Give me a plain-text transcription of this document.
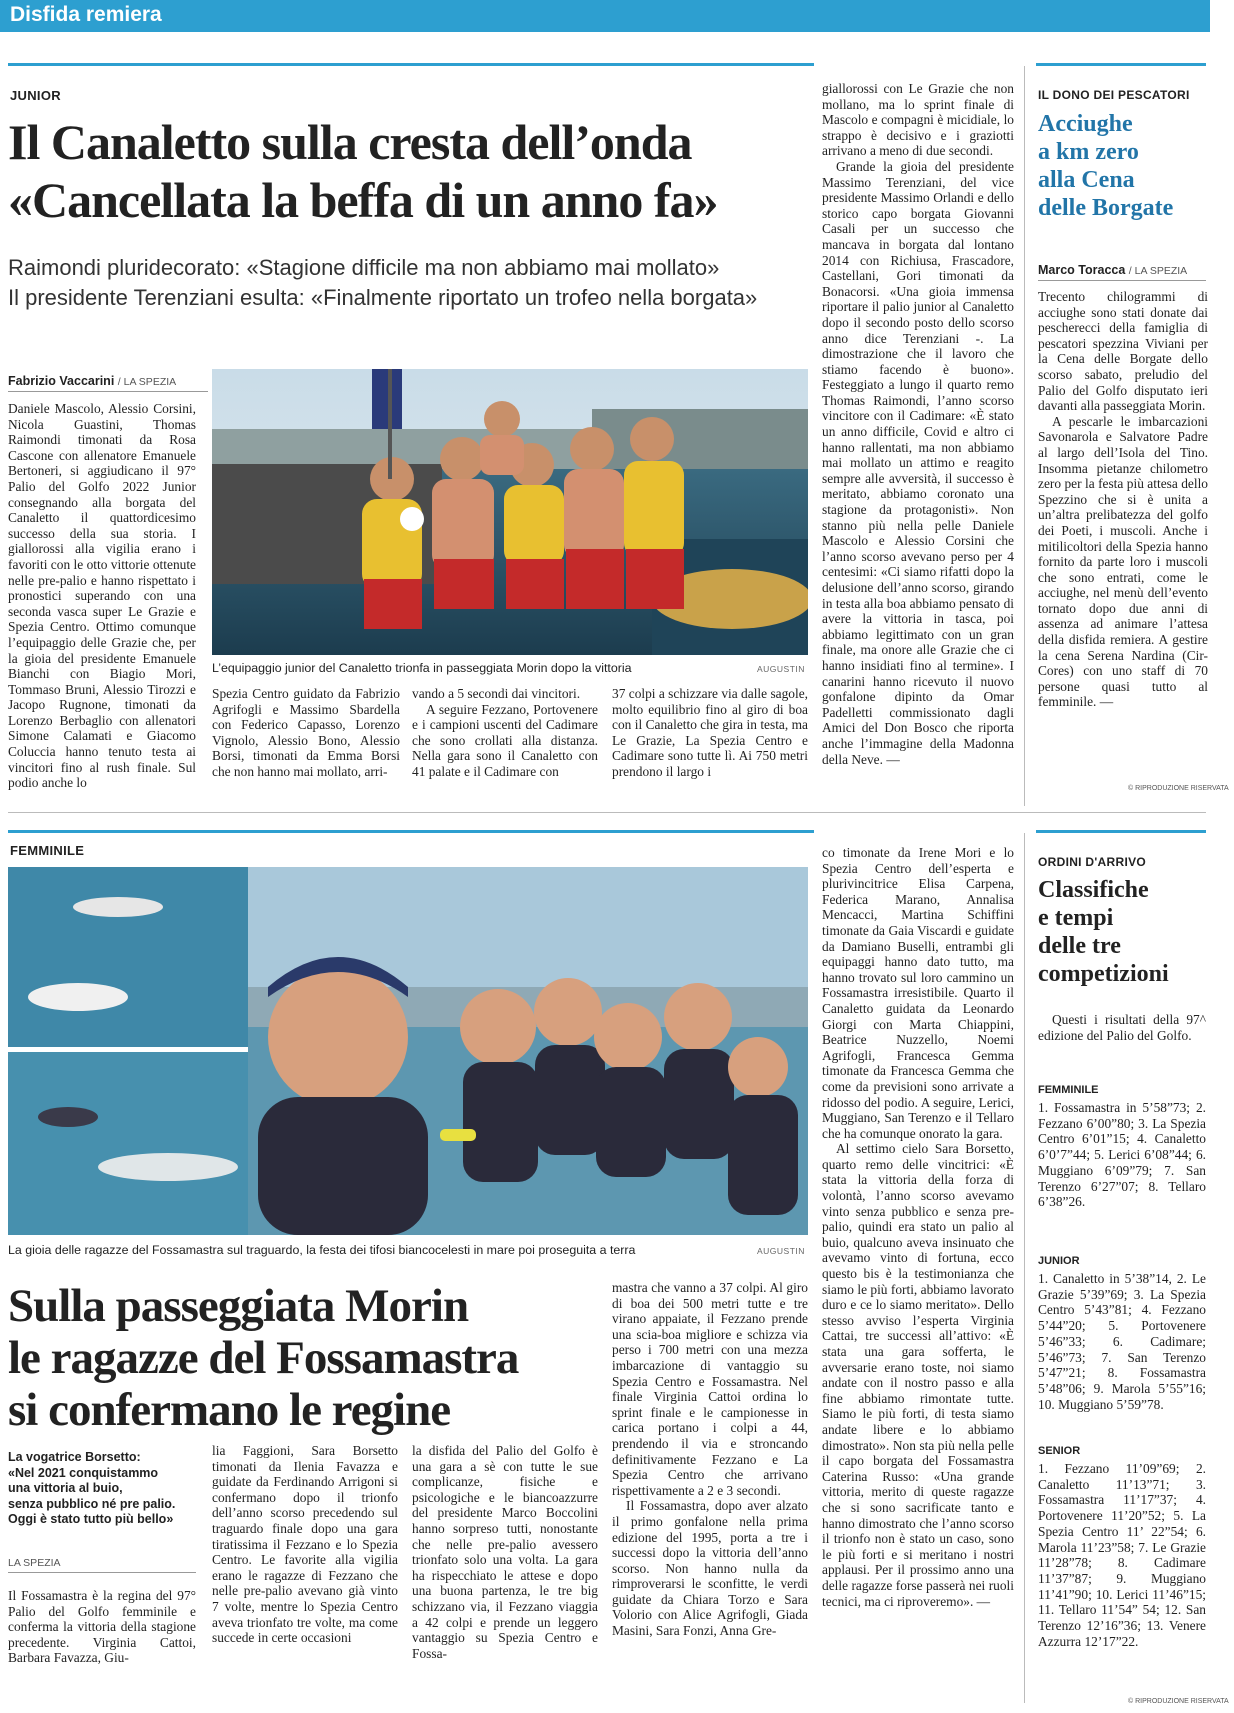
Disfida remiera
JUNIOR
Il Canaletto sulla cresta dell’onda
«Cancellata la beffa di un anno fa»
Raimondi pluridecorato: «Stagione difficile ma non abbiamo mai mollato»
Il presidente Terenziani esulta: «Finalmente riportato un trofeo nella borgata»
Fabrizio Vaccarini / LA SPEZIA

Daniele Mascolo, Alessio Corsini, Nicola Guastini, Thomas Raimondi timonati da Rosa Cascone con allenatore Emanuele Bertoneri, si aggiudicano il 97° Palio del Golfo 2022 Junior consegnando alla borgata del Canaletto il quattordicesimo successo della sua storia. I giallorossi alla vigilia erano i favoriti con le otto vittorie ottenute nelle pre-palio e hanno rispettato i pronostici superando con una seconda vasca super Le Grazie e Spezia Centro. Ottimo comunque l’equipaggio delle Grazie che, per la gioia del presidente Emanuele Bianchi con Biagio Mori, Tommaso Bruni, Alessio Tirozzi e Jacopo Rugnone, timonati da Lorenzo Berbaglio con allenatori Simone Calamati e Giacomo Coluccia hanno tenuto testa ai vincitori fino al rush finale. Sul podio anche lo

L’equipaggio junior del Canaletto trionfa in passeggiata Morin dopo la vittoria	AUGUSTIN

Spezia Centro guidato da Fabrizio Agrifogli e Massimo Sbardella con Federico Capasso, Lorenzo Vignolo, Alessio Bono, Alessio Borsi, timonati da Emma Borsi che non hanno mai mollato, arri-

vando a 5 secondi dai vincitori.

A seguire Fezzano, Portovenere e i campioni uscenti del Cadimare che sono crollati alla distanza. Nella gara sono il Canaletto con 41 palate e il Cadimare con

37 colpi a schizzare via dalle sagole, molto equilibrio fino al giro di boa con il Canaletto che gira in testa, ma Le Grazie, La Spezia Centro e Cadimare sono tutte lì. Ai 750 metri prendono il largo i

giallorossi con Le Grazie che non mollano, ma lo sprint finale di Mascolo e compagni è micidiale, lo strappo è decisivo e i graziotti arrivano a meno di due secondi.

Grande la gioia del presidente Massimo Terenziani, del vice presidente Massimo Orlandi e dello storico capo borgata Giovanni Casali per un successo che mancava in borgata dal lontano 2014 con Richiusa, Frascadore, Castellani, Gori timonati da Bonacorsi. «Una gioia immensa riportare il palio junior al Canaletto dopo il secondo posto dello scorso anno dice Terenziani -. La dimostrazione che il lavoro che stiamo facendo è buono». Festeggiato a lungo il quarto remo Thomas Raimondi, l’anno scorso vincitore con il Cadimare: «È stato un anno difficile, Covid e altro ci hanno rallentati, ma non abbiamo mai mollato un attimo e reagito sempre alle avversità, il successo è meritato, abbiamo coronato una stagione da protagonisti». Non stanno più nella pelle Daniele Mascolo e Alessio Corsini che l’anno scorso avevano perso per 4 centesimi: «Ci siamo rifatti dopo la delusione dell’anno scorso, girando in testa alla boa abbiamo pensato di avere la vittoria in tasca, poi abbiamo legittimato con un gran finale, ma onore alle Grazie che ci hanno insidiati fino al termine». I canarini hanno ricevuto il nuovo gonfalone dipinto da Omar Padelletti commissionato dagli Amici del Don Bosco che riporta anche l’immagine della Madonna della Neve. —

IL DONO DEI PESCATORI
Acciughe
a km zero
alla Cena
delle Borgate
Marco Toracca / LA SPEZIA

Trecento chilogrammi di acciughe sono stati donate dai pescherecci della famiglia di pescatori spezzina Viviani per la Cena delle Borgate dello scorso sabato, preludio del Palio del Golfo disputato ieri davanti alla passeggiata Morin.

A pescarle le imbarcazioni Savonarola e Salvatore Padre al largo dell’Isola del Tino. Insomma pietanze chilometro zero per la festa più attesa dello Spezzino che si è unita a un’altra prelibatezza del golfo dei Poeti, i muscoli. Anche i mitilicoltori della Spezia hanno fornito da parte loro i muscoli che sono entrati, come le acciughe, nel menù dell’evento tornato dopo due anni di assenza ad animare l’attesa della disfida remiera. A gestire la cena Serena Nardina (Cir-Cores) con uno staff di 70 persone quasi tutto al femminile. —

© RIPRODUZIONE RISERVATA
FEMMINILE
La gioia delle ragazze del Fossamastra sul traguardo, la festa dei tifosi biancocelesti in mare poi proseguita a terra	AUGUSTIN
Sulla passeggiata Morin
le ragazze del Fossamastra
si confermano le regine
La vogatrice Borsetto:
«Nel 2021 conquistammo
una vittoria al buio,
senza pubblico né pre palio.
Oggi è stato tutto più bello»
LA SPEZIA

Il Fossamastra è la regina del 97° Palio del Golfo femminile e conferma la vittoria della stagione precedente. Virginia Cattoi, Barbara Favazza, Giu-

lia Faggioni, Sara Borsetto timonati da Ilenia Favazza e guidate da Ferdinando Arrigoni si confermano dopo il trionfo dell’anno scorso precedendo sul traguardo finale dopo una gara tiratissima il Fezzano e lo Spezia Centro. Le favorite alla vigilia erano le ragazze di Fezzano che nelle pre-palio avevano già vinto 7 volte, mentre lo Spezia Centro aveva trionfato tre volte, ma come succede in certe occasioni

la disfida del Palio del Golfo è una gara a sè con tutte le sue complicanze, fisiche e psicologiche e le biancoazzurre del presidente Marco Boccolini hanno sorpreso tutti, nonostante che nelle pre-palio avessero trionfato solo una volta. La gara ha rispecchiato le attese e dopo una buona partenza, le tre big schizzano via, il Fezzano viaggia a 42 colpi e prende un leggero vantaggio su Spezia Centro e Fossa-

mastra che vanno a 37 colpi. Al giro di boa dei 500 metri tutte e tre virano appaiate, il Fezzano prende una scia-boa migliore e schizza via perso i 700 metri con una mezza imbarcazione di vantaggio su Spezia Centro e Fossamastra. Nel finale Virginia Cattoi ordina lo sprint finale e le campionesse in carica portano i colpi a 44, prendendo il via e stroncando definitivamente Fezzano e La Spezia Centro che arrivano rispettivamente a 2 e 3 secondi.

Il Fossamastra, dopo aver alzato il primo gonfalone nella prima edizione del 1995, porta a tre i successi dopo la vittoria dell’anno scorso. Non hanno nulla da rimproverarsi le sconfitte, le verdi guidate da Chiara Torzo e Sara Volorio con Alice Agrifogli, Giada Masini, Sara Fonzi, Anna Gre-

co timonate da Irene Mori e lo Spezia Centro dell’esperta e plurivincitrice Elisa Carpena, Federica Marano, Annalisa Mencacci, Martina Schiffini timonate da Gaia Viscardi e guidate da Damiano Buselli, entrambi gli equipaggi hanno dato tutto, ma hanno trovato sul loro cammino un Fossamastra irresistibile. Quarto il Canaletto guidata da Leonardo Giorgi con Marta Chiappini, Beatrice Nuzzello, Noemi Agrifogli, Francesca Gemma timonate da Francesca Gemma che come da previsioni sono arrivate a ridosso del podio. A seguire, Lerici, Muggiano, San Terenzo e il Tellaro che ha comunque onorato la gara.

Al settimo cielo Sara Borsetto, quarto remo delle vincitrici: «È stata la vittoria della forza di volontà, l’anno scorso avevamo vinto senza pubblico e senza pre-palio, quindi era stato un palio al buio, qualcuno aveva insinuato che avevamo vinto di fortuna, ecco questo bis è la testimonianza che siamo le più forti, abbiamo lavorato duro e ce lo siamo meritato». Dello stesso avviso l’esperta Virginia Cattai, tre successi all’attivo: «È stata una gara sofferta, le avversarie erano toste, noi siamo andate con il nostro passo e alla fine abbiamo rimontate tutte. Siamo le più forti, di testa siamo andate libere e lo abbiamo dimostrato». Non sta più nella pelle il capo borgata del Fossamastra Caterina Russo: «Una grande vittoria, merito di queste ragazze che si sono sacrificate tanto e hanno dimostrato che l’anno scorso il trionfo non è stato un caso, sono le più forti e si meritano i nostri applausi. Per il prossimo anno una delle ragazze forse passerà nei ruoli tecnici, ma ci riproveremo». —

ORDINI D'ARRIVO
Classifiche
e tempi
delle tre
competizioni
Questi i risultati della 97^ edizione del Palio del Golfo.
FEMMINILE
1. Fossamastra in 5’58”73; 2. Fezzano 6’00”80; 3. La Spezia Centro 6’01”15; 4. Canaletto 6’0’7”44; 5. Lerici 6’08”44; 6. Muggiano 6’09”79; 7. San Terenzo 6’27”07; 8. Tellaro 6’38”26.
JUNIOR
1. Canaletto in 5’38”14, 2. Le Grazie 5’39”69; 3. La Spezia Centro 5’43”81; 4. Fezzano 5’44”20; 5. Portovenere 5’46”33; 6. Cadimare; 5’46”73; 7. San Terenzo 5’47”21; 8. Fossamastra 5’48”06; 9. Marola 5’55”16; 10. Muggiano 5’59”78.
SENIOR
1. Fezzano 11’09”69; 2. Canaletto 11’13”71; 3. Fossamastra 11’17”37; 4. Portovenere 11’20”52; 5. La Spezia Centro 11’ 22”54; 6. Marola 11’23”58; 7. Le Grazie 11’28”78; 8. Cadimare 11’37”87; 9. Muggiano 11’41”90; 10. Lerici 11’46”15; 11. Tellaro 11’54” 54; 12. San Terenzo 12’16”36; 13. Venere Azzurra 12’17”22.
© RIPRODUZIONE RISERVATA
